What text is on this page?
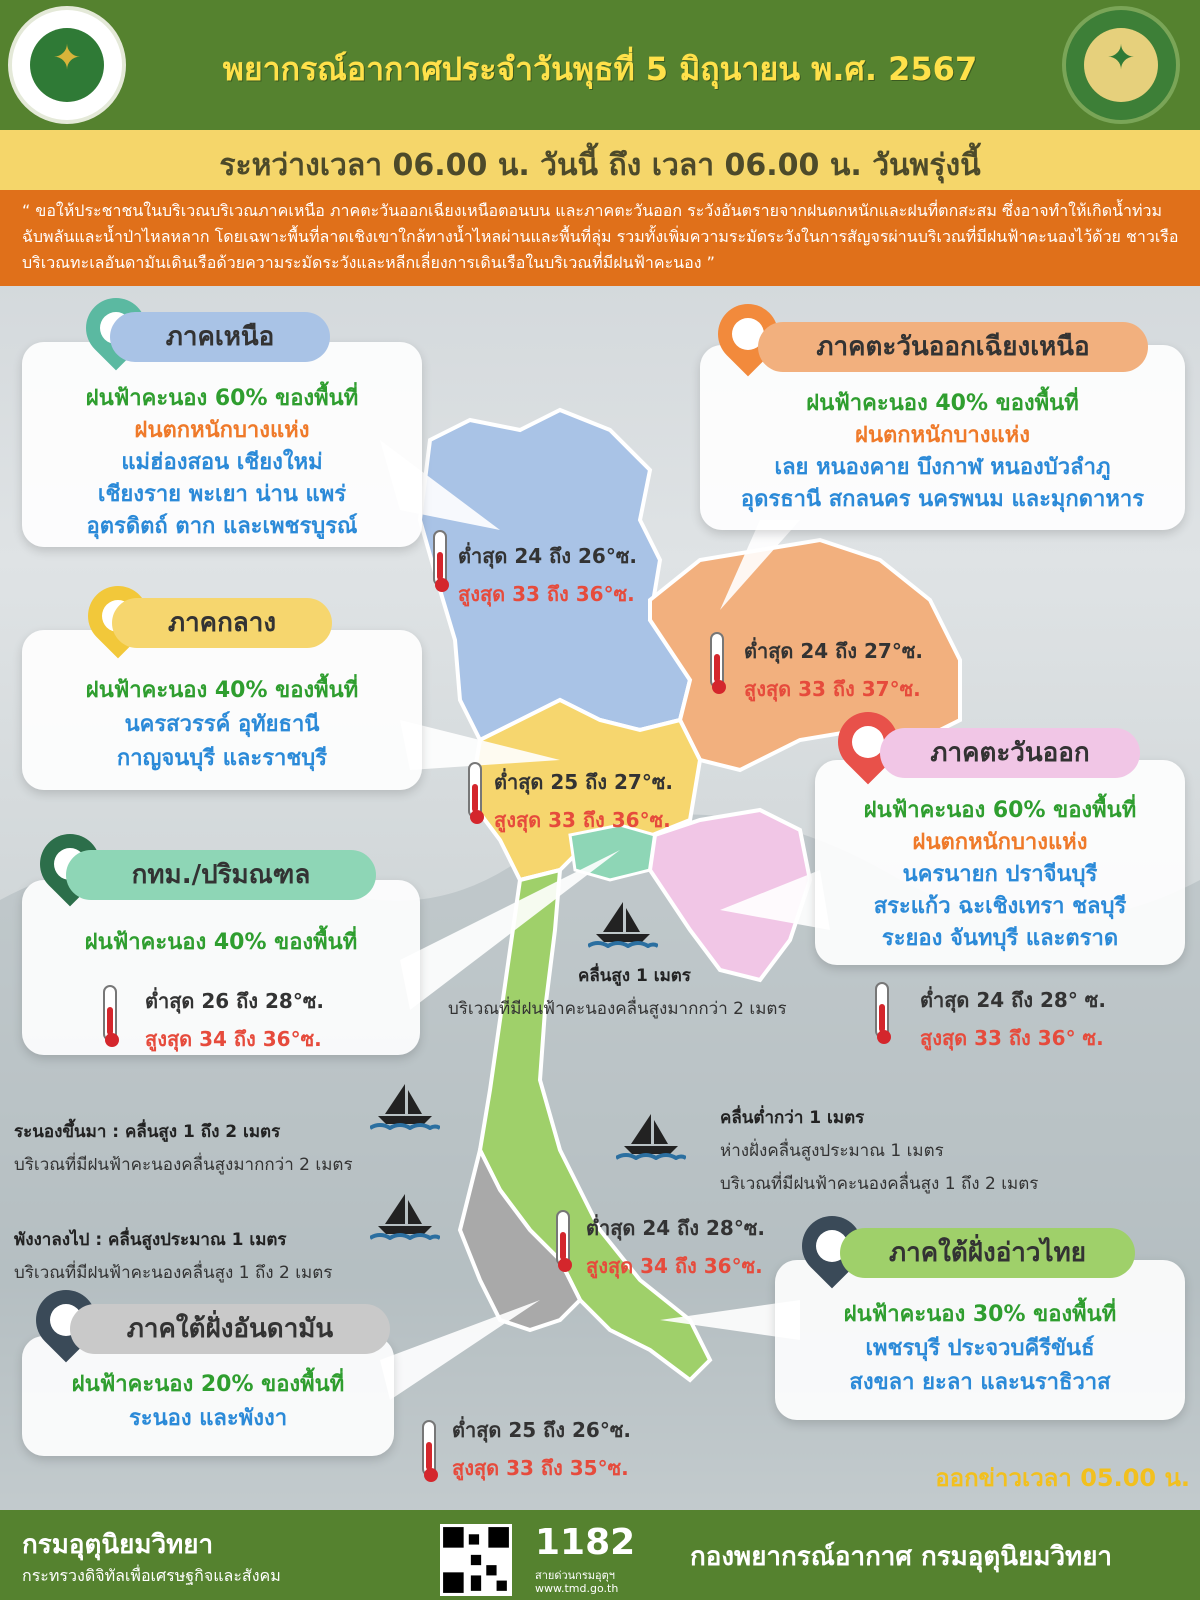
✦	พยากรณ์อากาศประจำวันพุธที่ 5 มิถุนายน พ.ศ. 2567	✦
ระหว่างเวลา 06.00 น. วันนี้ ถึง เวลา 06.00 น. วันพรุ่งนี้
“ ขอให้ประชาชนในบริเวณบริเวณภาคเหนือ ภาคตะวันออกเฉียงเหนือตอนบน และภาคตะวันออก ระวังอันตรายจากฝนตกหนักและฝนที่ตกสะสม ซึ่งอาจทำให้เกิดน้ำท่วมฉับพลันและน้ำป่าไหลหลาก โดยเฉพาะพื้นที่ลาดเชิงเขาใกล้ทางน้ำไหลผ่านและพื้นที่ลุ่ม รวมทั้งเพิ่มความระมัดระวังในการสัญจรผ่านบริเวณที่มีฝนฟ้าคะนองไว้ด้วย ชาวเรือบริเวณทะเลอันดามันเดินเรือด้วยความระมัดระวังและหลีกเลี่ยงการเดินเรือในบริเวณที่มีฝนฟ้าคะนอง ”
ฝนฟ้าคะนอง 60% ของพื้นที่
ฝนตกหนักบางแห่ง
แม่ฮ่องสอน เชียงใหม่
เชียงราย พะเยา น่าน แพร่
อุตรดิตถ์ ตาก และเพชรบูรณ์
ภาคเหนือ
ต่ำสุด 24 ถึง 26°ซ.
สูงสุด 33 ถึง 36°ซ.
ฝนฟ้าคะนอง 40% ของพื้นที่
ฝนตกหนักบางแห่ง
เลย หนองคาย บึงกาฬ หนองบัวลำภู
อุดรธานี สกลนคร นครพนม และมุกดาหาร
ภาคตะวันออกเฉียงเหนือ
ต่ำสุด 24 ถึง 27°ซ.
สูงสุด 33 ถึง 37°ซ.
ฝนฟ้าคะนอง 40% ของพื้นที่
นครสวรรค์ อุทัยธานี
กาญจนบุรี และราชบุรี
ภาคกลาง
ต่ำสุด 25 ถึง 27°ซ.
สูงสุด 33 ถึง 36°ซ.
ฝนฟ้าคะนอง 40% ของพื้นที่
กทม./ปริมณฑล
ต่ำสุด 26 ถึง 28°ซ.
สูงสุด 34 ถึง 36°ซ.
ฝนฟ้าคะนอง 60% ของพื้นที่
ฝนตกหนักบางแห่ง
นครนายก ปราจีนบุรี
สระแก้ว ฉะเชิงเทรา ชลบุรี
ระยอง จันทบุรี และตราด
ภาคตะวันออก
ต่ำสุด 24 ถึง 28° ซ.
สูงสุด 33 ถึง 36° ซ.
ฝนฟ้าคะนอง 30% ของพื้นที่
เพชรบุรี ประจวบคีรีขันธ์
สงขลา ยะลา และนราธิวาส
ภาคใต้ฝั่งอ่าวไทย
ต่ำสุด 24 ถึง 28°ซ.
สูงสุด 34 ถึง 36°ซ.
ฝนฟ้าคะนอง 20% ของพื้นที่
ระนอง และพังงา
ภาคใต้ฝั่งอันดามัน
ต่ำสุด 25 ถึง 26°ซ.
สูงสุด 33 ถึง 35°ซ.
คลื่นสูง 1 เมตร
บริเวณที่มีฝนฟ้าคะนองคลื่นสูงมากกว่า 2 เมตร
คลื่นต่ำกว่า 1 เมตร
ห่างฝั่งคลื่นสูงประมาณ 1 เมตร
บริเวณที่มีฝนฟ้าคะนองคลื่นสูง 1 ถึง 2 เมตร
ระนองขึ้นมา : คลื่นสูง 1 ถึง 2 เมตร
บริเวณที่มีฝนฟ้าคะนองคลื่นสูงมากกว่า 2 เมตร
พังงาลงไป : คลื่นสูงประมาณ 1 เมตร
บริเวณที่มีฝนฟ้าคะนองคลื่นสูง 1 ถึง 2 เมตร
ออกข่าวเวลา 05.00 น.
กรมอุตุนิยมวิทยา
กระทรวงดิจิทัลเพื่อเศรษฐกิจและสังคม
1182
สายด่วนกรมอุตุฯ
www.tmd.go.th
กองพยากรณ์อากาศ กรมอุตุนิยมวิทยา
